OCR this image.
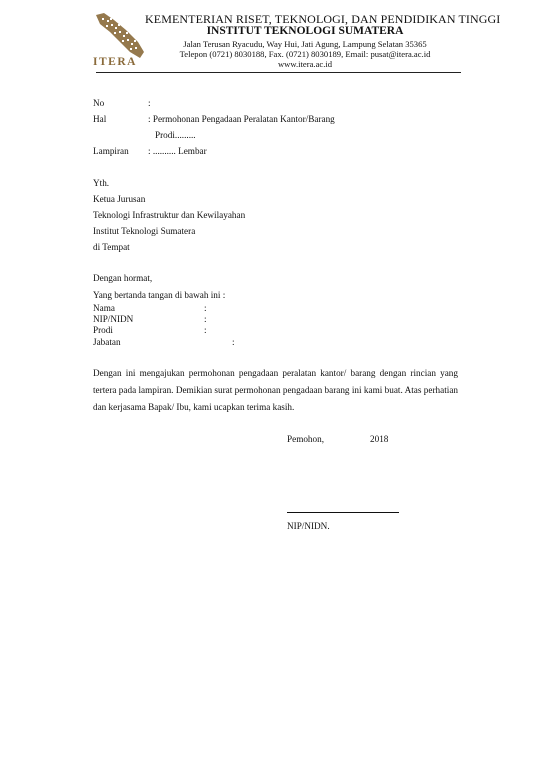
ITERA
KEMENTERIAN RISET, TEKNOLOGI, DAN PENDIDIKAN TINGGI
INSTITUT TEKNOLOGI SUMATERA
Jalan Terusan Ryacudu, Way Hui, Jati Agung, Lampung Selatan 35365
Telepon (0721) 8030188, Fax. (0721) 8030189, Email: pusat@itera.ac.id
www.itera.ac.id
No	:
Hal	: Permohonan Pengadaan Peralatan Kantor/Barang
Prodi.........
Lampiran : .......... Lembar
Yth.
Ketua Jurusan
Teknologi Infrastruktur dan Kewilayahan
Institut Teknologi Sumatera
di Tempat
Dengan hormat,
Yang bertanda tangan di bawah ini :
Nama	:
NIP/NIDN	:
Prodi	:
Jabatan	:
Dengan ini mengajukan permohonan pengadaan peralatan kantor/ barang dengan rincian yang tertera pada lampiran. Demikian surat permohonan pengadaan barang ini kami buat. Atas perhatian dan kerjasama Bapak/ Ibu, kami ucapkan terima kasih.
Pemohon,	2018
NIP/NIDN.
